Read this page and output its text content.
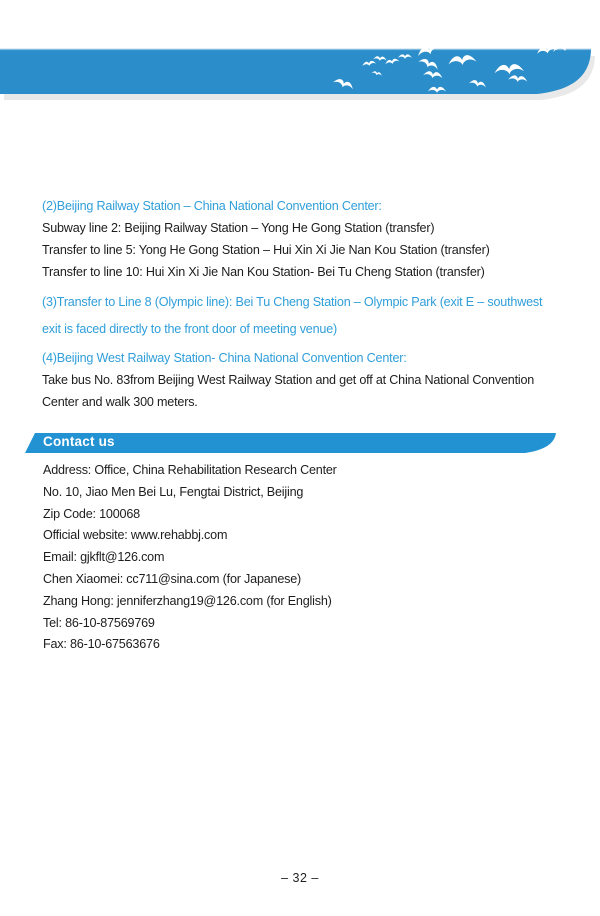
(2)Beijing Railway Station – China National Convention Center:
Subway line 2: Beijing Railway Station – Yong He Gong Station (transfer)
Transfer to line 5: Yong He Gong Station – Hui Xin Xi Jie Nan Kou Station (transfer)
Transfer to line 10: Hui Xin Xi Jie Nan Kou Station- Bei Tu Cheng Station (transfer)
(3)Transfer to Line 8 (Olympic line): Bei Tu Cheng Station – Olympic Park (exit E – southwest
exit is faced directly to the front door of meeting venue)
(4)Beijing West Railway Station- China National Convention Center:
Take bus No. 83from Beijing West Railway Station and get off at China National Convention
Center and walk 300 meters.
Contact us
Address: Office, China Rehabilitation Research Center
No. 10, Jiao Men Bei Lu, Fengtai District, Beijing
Zip Code: 100068
Official website: www.rehabbj.com
Email: gjkflt@126.com
Chen Xiaomei: cc711@sina.com (for Japanese)
Zhang Hong: jenniferzhang19@126.com (for English)
Tel: 86-10-87569769
Fax: 86-10-67563676
– 32 –
